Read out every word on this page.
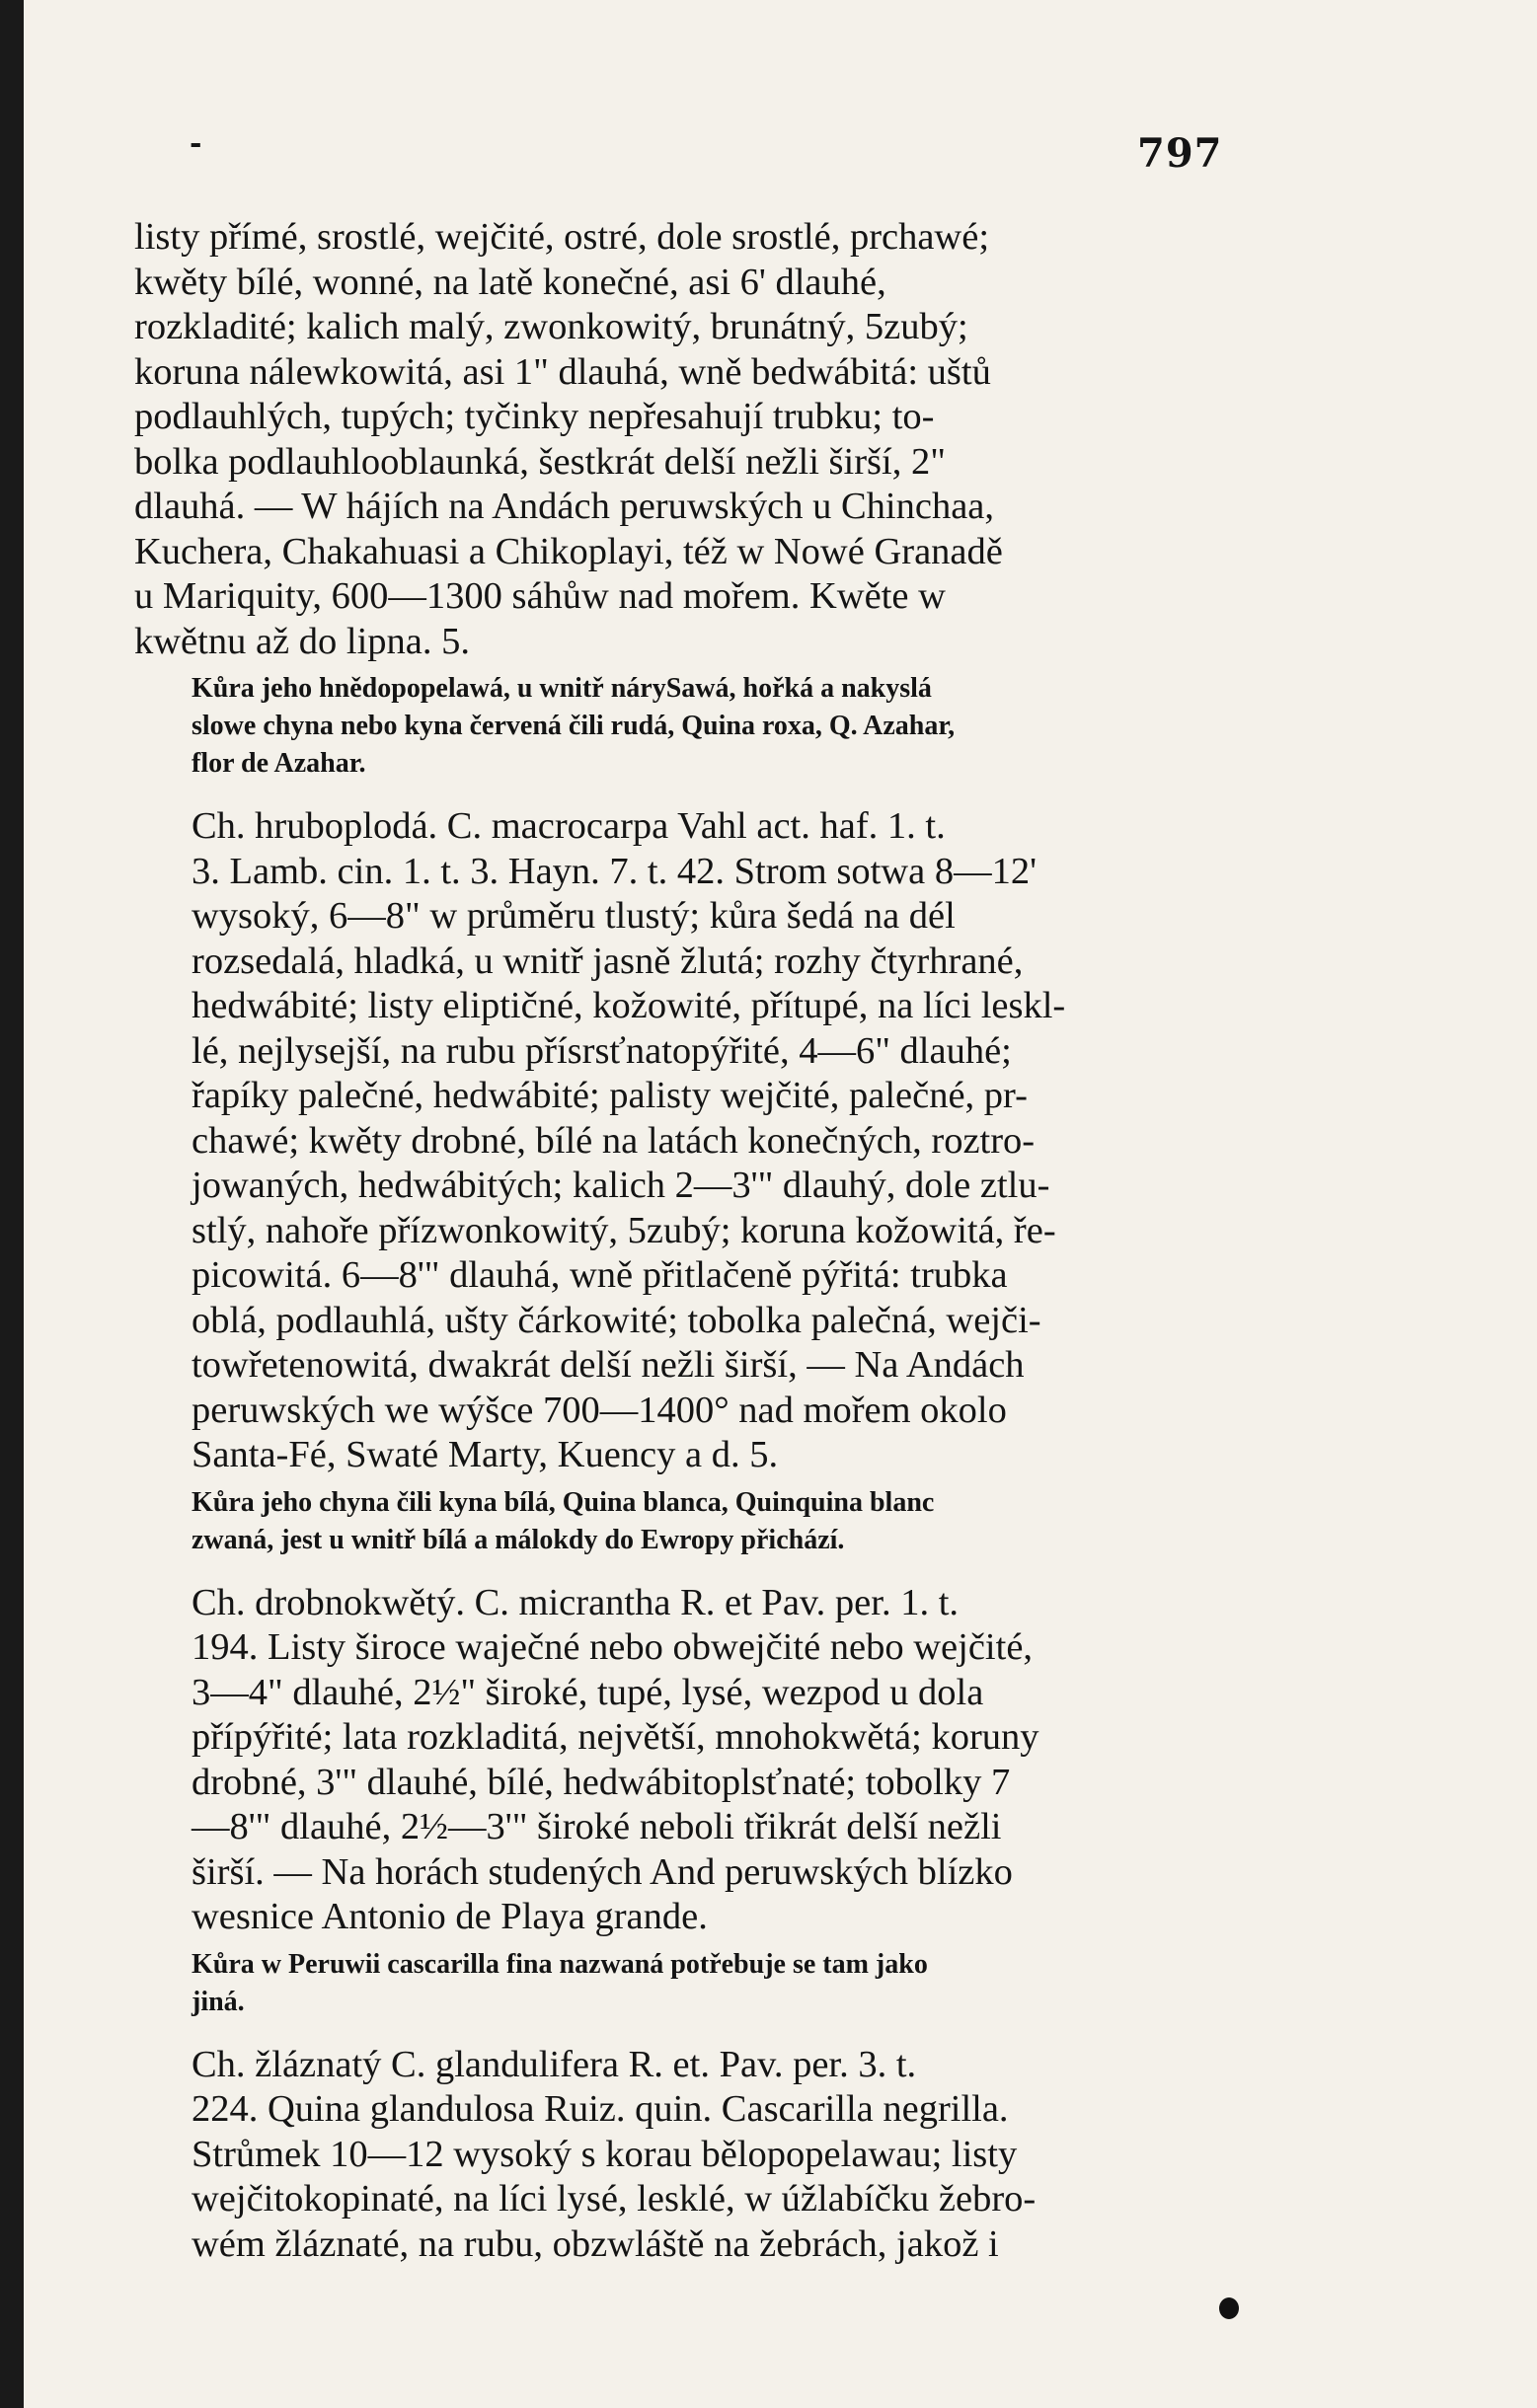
-	797

listy přímé, srostlé, wejčité, ostré, dole srostlé, prchawé;
kwěty bílé, wonné, na latě konečné, asi 6' dlauhé,
rozkladité; kalich malý, zwonkowitý, brunátný, 5zubý;
koruna nálewkowitá, asi 1" dlauhá, wně bedwábitá: uštů
podlauhlých, tupých; tyčinky nepřesahují trubku; to-
bolka podlauhlooblaunká, šestkrát delší nežli širší, 2"
dlauhá. — W hájích na Andách peruwských u Chinchaa,
Kuchera, Chakahuasi a Chikoplayi, též w Nowé Granadě
u Mariquity, 600—1300 sáhůw nad mořem. Kwěte w
kwětnu až do lipna. 5.

Kůra jeho hnědopopelawá, u wnitř nárySawá, hořká a nakyslá
slowe chyna nebo kyna červená čili rudá, Quina roxa, Q. Azahar,
flor de Azahar.

Ch. hruboplodá. C. macrocarpa Vahl act. haf. 1. t.
3. Lamb. cin. 1. t. 3. Hayn. 7. t. 42. Strom sotwa 8—12'
wysoký, 6—8" w průměru tlustý; kůra šedá na dél
rozsedalá, hladká, u wnitř jasně žlutá; rozhy čtyrhrané,
hedwábité; listy eliptičné, kožowité, přítupé, na líci leskl-
lé, nejlysejší, na rubu přísrsťnatopýřité, 4—6" dlauhé;
řapíky palečné, hedwábité; palisty wejčité, palečné, pr-
chawé; kwěty drobné, bílé na latách konečných, roztro-
jowaných, hedwábitých; kalich 2—3'" dlauhý, dole ztlu-
stlý, nahoře přízwonkowitý, 5zubý; koruna kožowitá, ře-
picowitá. 6—8'" dlauhá, wně přitlačeně pýřitá: trubka
oblá, podlauhlá, ušty čárkowité; tobolka palečná, wejči-
towřetenowitá, dwakrát delší nežli širší, — Na Andách
peruwských we wýšce 700—1400° nad mořem okolo
Santa-Fé, Swaté Marty, Kuency a d. 5.

Kůra jeho chyna čili kyna bílá, Quina blanca, Quinquina blanc
zwaná, jest u wnitř bílá a málokdy do Ewropy přichází.

Ch. drobnokwětý. C. micrantha R. et Pav. per. 1. t.
194. Listy široce waječné nebo obwejčité nebo wejčité,
3—4" dlauhé, 2½" široké, tupé, lysé, wezpod u dola
přípýřité; lata rozkladitá, největší, mnohokwětá; koruny
drobné, 3'" dlauhé, bílé, hedwábitoplsťnaté; tobolky 7
—8'" dlauhé, 2½—3'" široké neboli třikrát delší nežli
širší. — Na horách studených And peruwských blízko
wesnice Antonio de Playa grande.

Kůra w Peruwii cascarilla fina nazwaná potřebuje se tam jako
jiná.

Ch. žláznatý C. glandulifera R. et. Pav. per. 3. t.
224. Quina glandulosa Ruiz. quin. Cascarilla negrilla.
Strůmek 10—12 wysoký s korau bělopopelawau; listy
wejčitokopinaté, na líci lysé, lesklé, w úžlabíčku žebro-
wém žláznaté, na rubu, obzwláště na žebrách, jakož i
